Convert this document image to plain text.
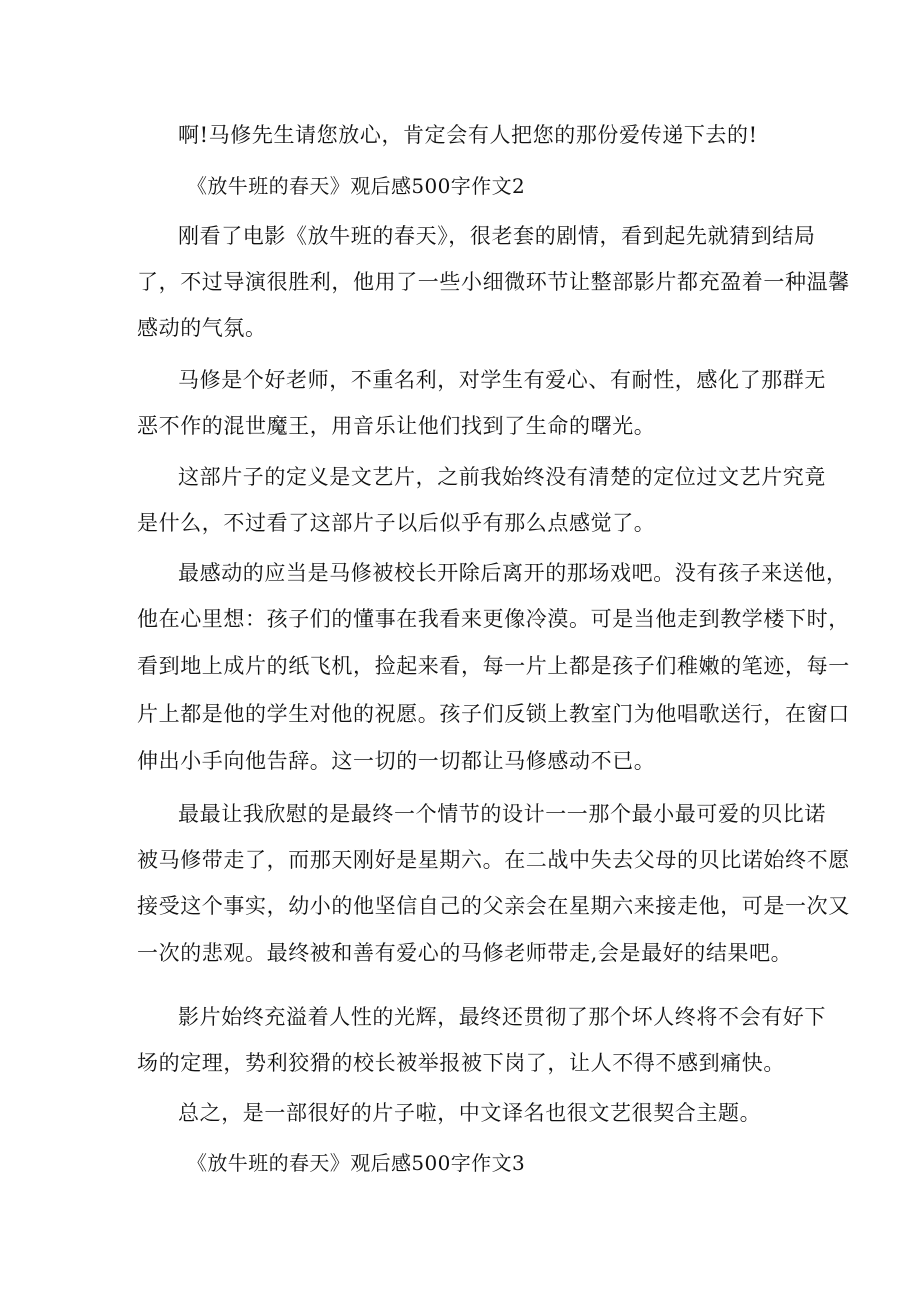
啊!马修先生请您放心，肯定会有人把您的那份爱传递下去的!
《放牛班的春天》观后感500字作文2
刚看了电影《放牛班的春天》，很老套的剧情，看到起先就猜到结局
了，不过导演很胜利，他用了一些小细微环节让整部影片都充盈着一种温馨
感动的气氛。
马修是个好老师，不重名利，对学生有爱心、有耐性，感化了那群无
恶不作的混世魔王，用音乐让他们找到了生命的曙光。
这部片子的定义是文艺片，之前我始终没有清楚的定位过文艺片究竟
是什么，不过看了这部片子以后似乎有那么点感觉了。
最感动的应当是马修被校长开除后离开的那场戏吧。没有孩子来送他，
他在心里想：孩子们的懂事在我看来更像冷漠。可是当他走到教学楼下时，
看到地上成片的纸飞机，捡起来看，每一片上都是孩子们稚嫩的笔迹，每一
片上都是他的学生对他的祝愿。孩子们反锁上教室门为他唱歌送行，在窗口
伸出小手向他告辞。这一切的一切都让马修感动不已。
最最让我欣慰的是最终一个情节的设计一一那个最小最可爱的贝比诺
被马修带走了，而那天刚好是星期六。在二战中失去父母的贝比诺始终不愿
接受这个事实，幼小的他坚信自己的父亲会在星期六来接走他，可是一次又
一次的悲观。最终被和善有爱心的马修老师带走,会是最好的结果吧。
影片始终充溢着人性的光辉，最终还贯彻了那个坏人终将不会有好下
场的定理，势利狡猾的校长被举报被下岗了，让人不得不感到痛快。
总之，是一部很好的片子啦，中文译名也很文艺很契合主题。
《放牛班的春天》观后感500字作文3
